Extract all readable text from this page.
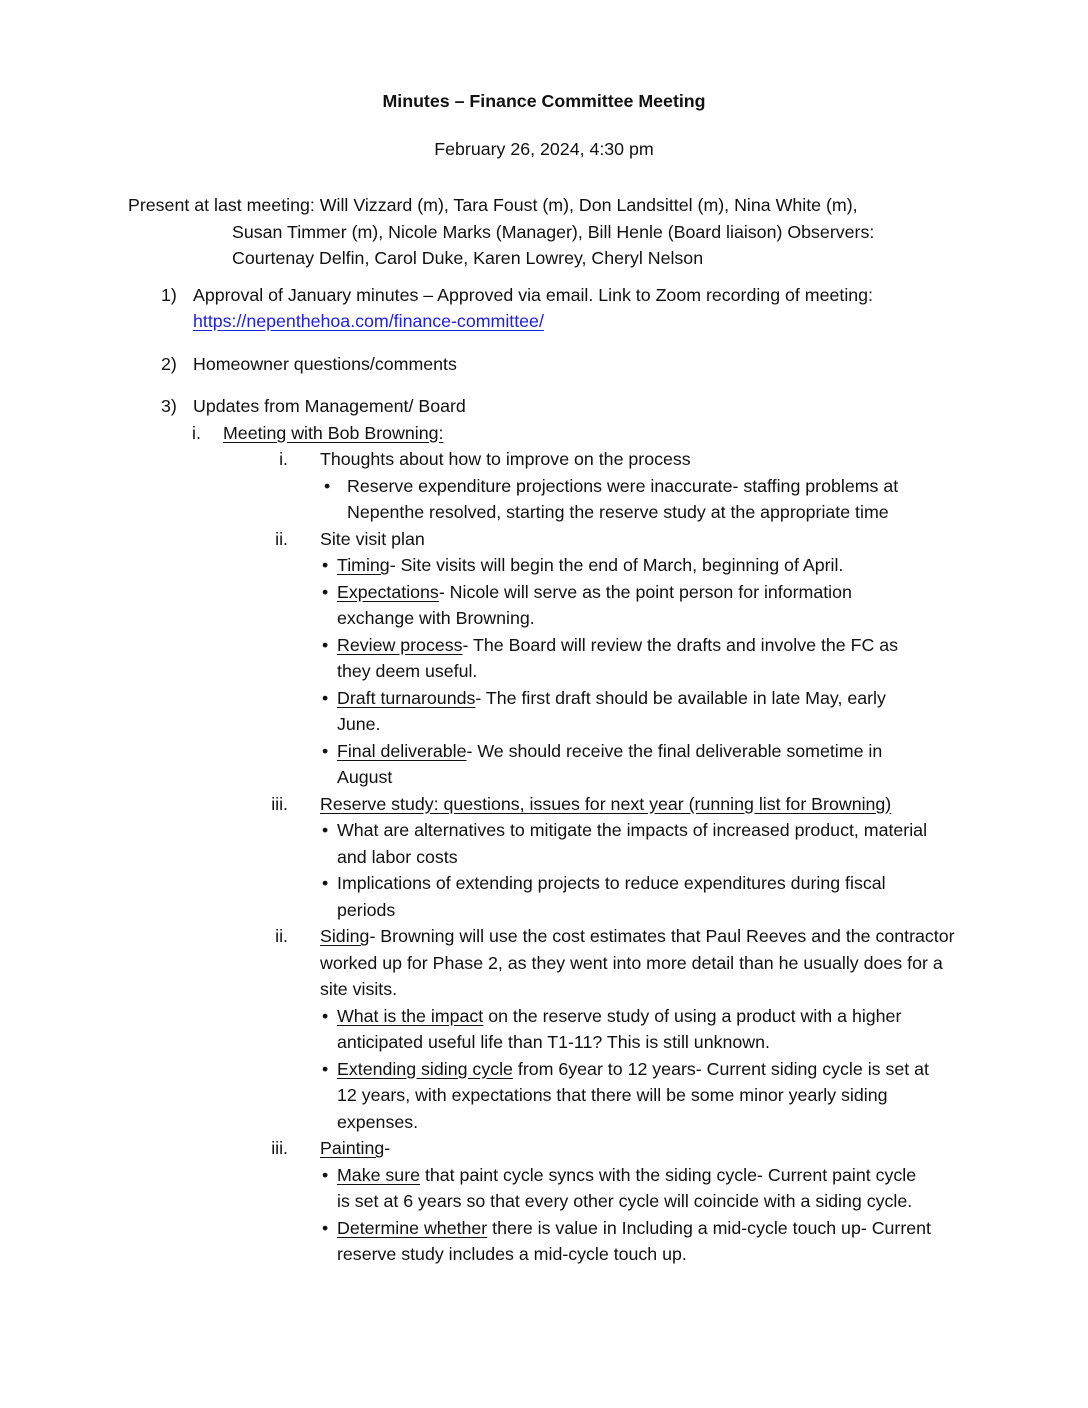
Minutes – Finance Committee Meeting
February 26, 2024, 4:30 pm
Present at last meeting: Will Vizzard (m), Tara Foust (m), Don Landsittel (m), Nina White (m),
Susan Timmer (m), Nicole Marks (Manager), Bill Henle (Board liaison) Observers:
Courtenay Delfin, Carol Duke, Karen Lowrey, Cheryl Nelson
1) Approval of January minutes – Approved via email. Link to Zoom recording of meeting:
https://nepenthehoa.com/finance-committee/
2) Homeowner questions/comments
3) Updates from Management/ Board
i.	Meeting with Bob Browning:
i. Thoughts about how to improve on the process
• Reserve expenditure projections were inaccurate- staffing problems at Nepenthe resolved, starting the reserve study at the appropriate time
ii. Site visit plan
• Timing- Site visits will begin the end of March, beginning of April.
• Expectations- Nicole will serve as the point person for information exchange with Browning.
• Review process- The Board will review the drafts and involve the FC as they deem useful.
• Draft turnarounds- The first draft should be available in late May, early June.
• Final deliverable- We should receive the final deliverable sometime in August
iii. Reserve study: questions, issues for next year (running list for Browning)
• What are alternatives to mitigate the impacts of increased product, material and labor costs
• Implications of extending projects to reduce expenditures during fiscal periods
ii. Siding- Browning will use the cost estimates that Paul Reeves and the contractor worked up for Phase 2, as they went into more detail than he usually does for a site visits.
• What is the impact on the reserve study of using a product with a higher anticipated useful life than T1-11? This is still unknown.
• Extending siding cycle from 6year to 12 years- Current siding cycle is set at 12 years, with expectations that there will be some minor yearly siding expenses.
iii. Painting-
• Make sure that paint cycle syncs with the siding cycle- Current paint cycle is set at 6 years so that every other cycle will coincide with a siding cycle.
• Determine whether there is value in Including a mid-cycle touch up- Current reserve study includes a mid-cycle touch up.
